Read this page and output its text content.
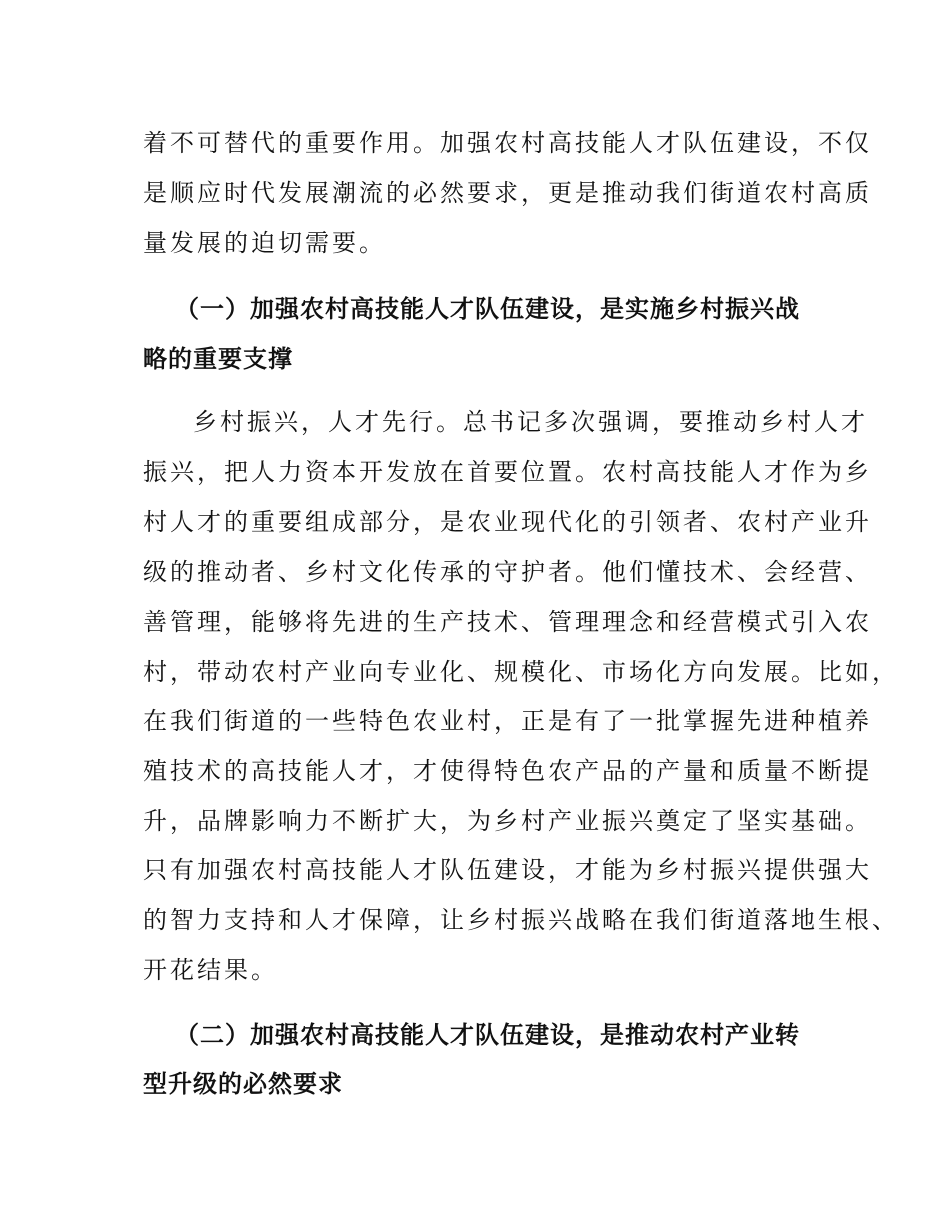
着不可替代的重要作用。加强农村高技能人才队伍建设，不仅
是顺应时代发展潮流的必然要求，更是推动我们街道农村高质
量发展的迫切需要。
（一）加强农村高技能人才队伍建设，是实施乡村振兴战
略的重要支撑
乡村振兴，人才先行。总书记多次强调，要推动乡村人才
振兴，把人力资本开发放在首要位置。农村高技能人才作为乡
村人才的重要组成部分，是农业现代化的引领者、农村产业升
级的推动者、乡村文化传承的守护者。他们懂技术、会经营、
善管理，能够将先进的生产技术、管理理念和经营模式引入农
村，带动农村产业向专业化、规模化、市场化方向发展。比如，
在我们街道的一些特色农业村，正是有了一批掌握先进种植养
殖技术的高技能人才，才使得特色农产品的产量和质量不断提
升，品牌影响力不断扩大，为乡村产业振兴奠定了坚实基础。
只有加强农村高技能人才队伍建设，才能为乡村振兴提供强大
的智力支持和人才保障，让乡村振兴战略在我们街道落地生根、
开花结果。
（二）加强农村高技能人才队伍建设，是推动农村产业转
型升级的必然要求
